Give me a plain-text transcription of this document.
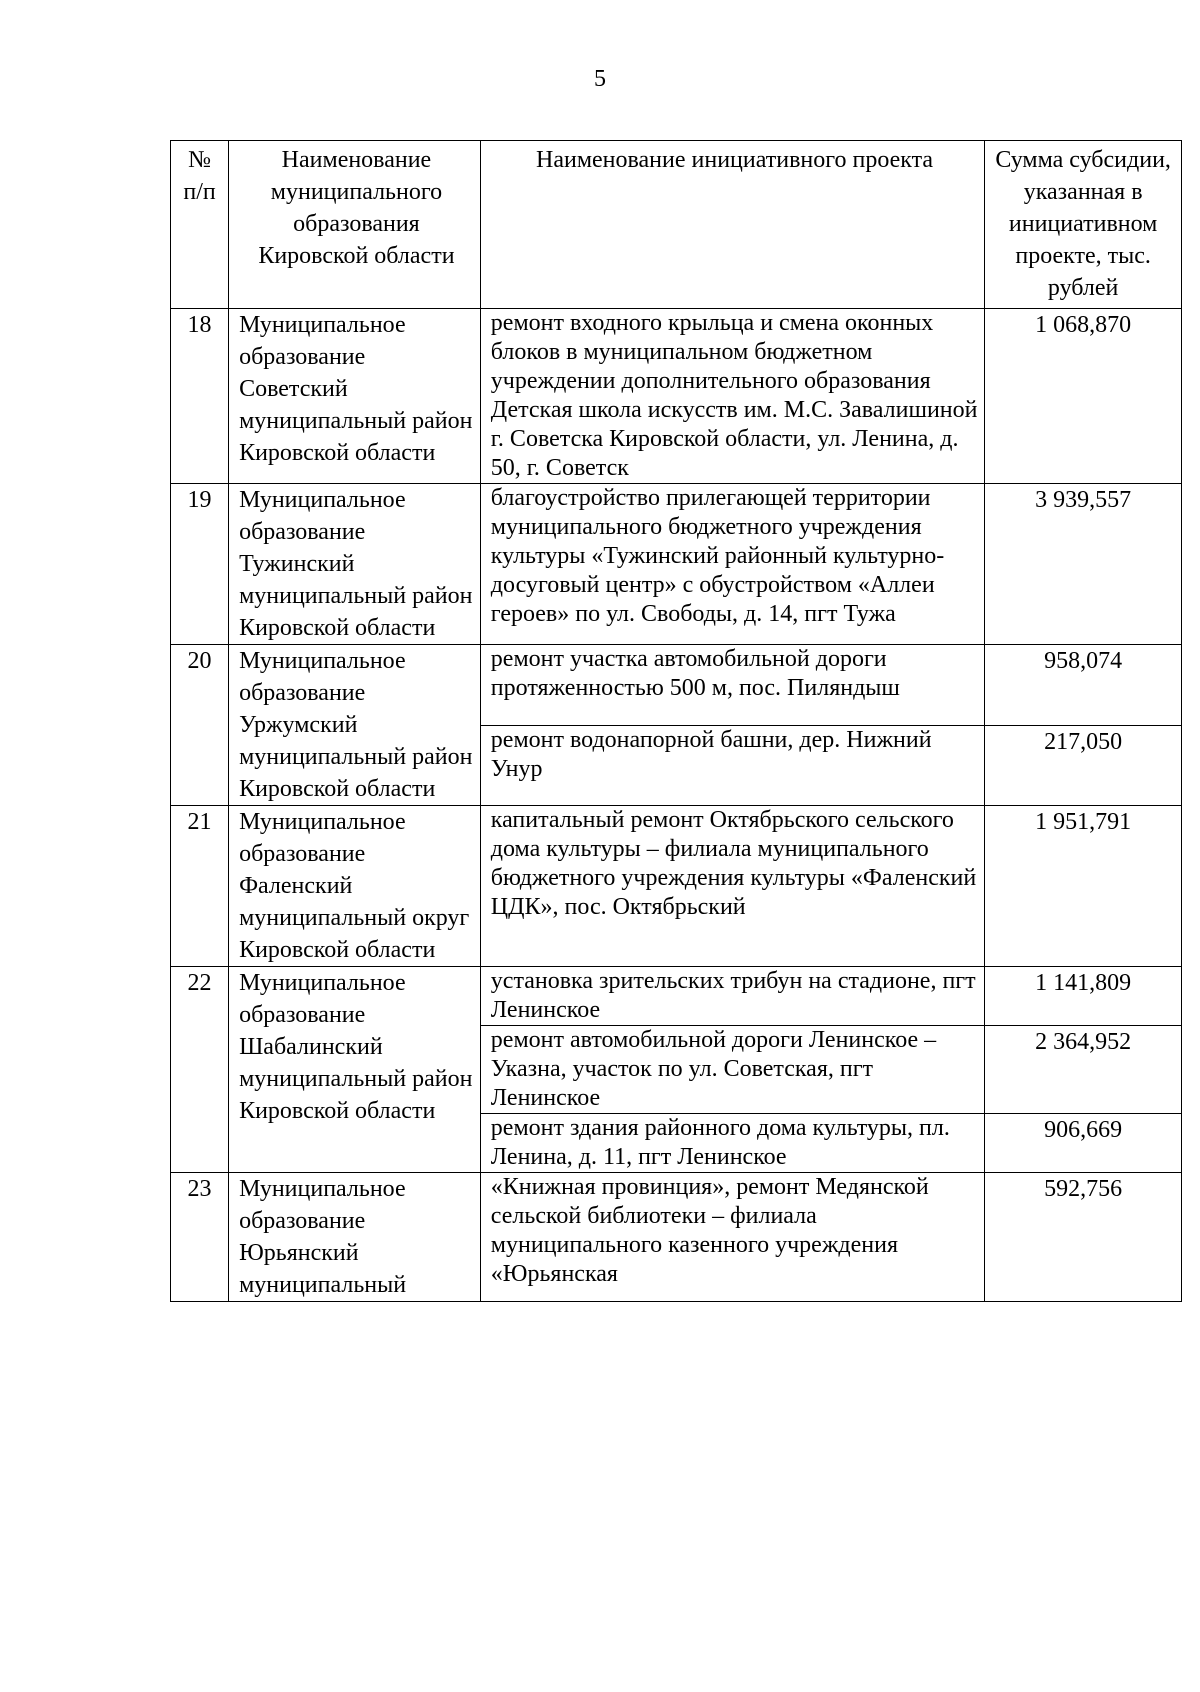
5
№ п/п	Наименование муниципального образования Кировской области	Наименование инициативного проекта	Сумма субсидии, указанная в инициативном проекте, тыс. рублей
18	Муниципальное образование Советский муниципальный район Кировской области	ремонт входного крыльца и смена оконных блоков в муниципальном бюджетном учреждении дополнительного образования Детская школа искусств им. М.С. Завалишиной г. Советска Кировской области, ул. Ленина, д. 50, г. Советск	1 068,870
19	Муниципальное образование Тужинский муниципальный район Кировской области	благоустройство прилегающей территории муниципального бюджетного учреждения культуры «Тужинский районный культурно-досуговый центр» с обустройством «Аллеи героев» по ул. Свободы, д. 14, пгт Тужа	3 939,557
20	Муниципальное образование Уржумский муниципальный район Кировской области	ремонт участка автомобильной дороги протяженностью 500 м, пос. Пиляндыш	958,074
		ремонт водонапорной башни, дер. Нижний Унур	217,050
21	Муниципальное образование Фаленский муниципальный округ Кировской области	капитальный ремонт Октябрьского сельского дома культуры – филиала муниципального бюджетного учреждения культуры «Фаленский ЦДК», пос. Октябрьский	1 951,791
22	Муниципальное образование Шабалинский муниципальный район Кировской области	установка зрительских трибун на стадионе, пгт Ленинское	1 141,809
		ремонт автомобильной дороги Ленинское – Указна, участок по ул. Советская, пгт Ленинское	2 364,952
		ремонт здания районного дома культуры, пл. Ленина, д. 11, пгт Ленинское	906,669
23	Муниципальное образование Юрьянский муниципальный	«Книжная провинция», ремонт Медянской сельской библиотеки – филиала муниципального казенного учреждения «Юрьянская	592,756
